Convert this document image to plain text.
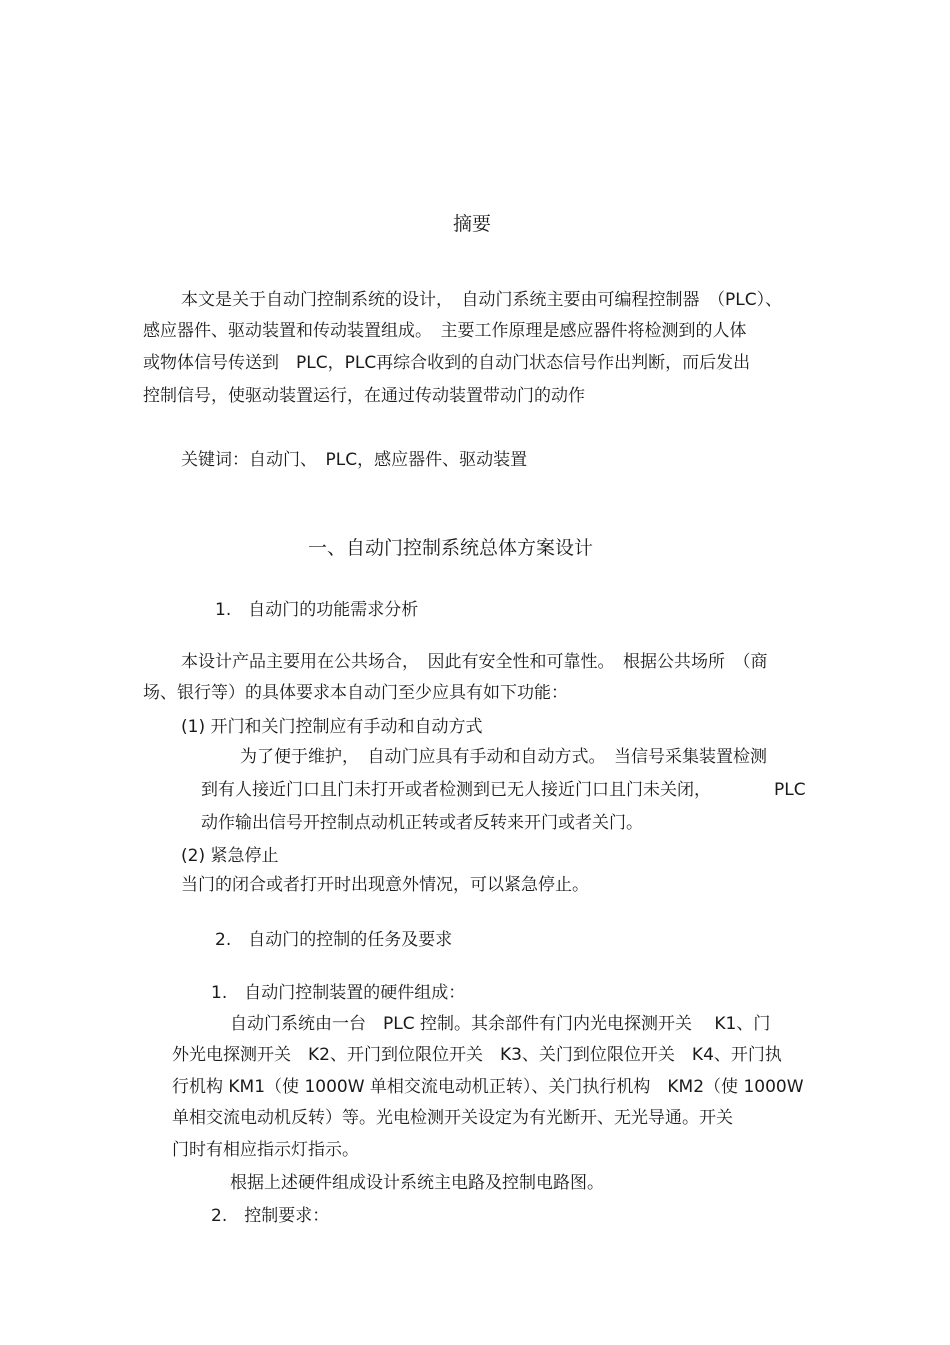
摘要
本文是关于自动门控制系统的设计，　自动门系统主要由可编程控制器　（PLC）、
感应器件、驱动装置和传动装置组成。　主要工作原理是感应器件将检测到的人体
或物体信号传送到　PLC，PLC再综合收到的自动门状态信号作出判断，而后发出
控制信号，使驱动装置运行，在通过传动装置带动门的动作
关键词：自动门、　PLC，感应器件、驱动装置
一、自动门控制系统总体方案设计
1.　自动门的功能需求分析
本设计产品主要用在公共场合，　因此有安全性和可靠性。　根据公共场所　（商
场、银行等）的具体要求本自动门至少应具有如下功能：
(1) 开门和关门控制应有手动和自动方式
为了便于维护，　自动门应具有手动和自动方式。　当信号采集装置检测
到有人接近门口且门未打开或者检测到已无人接近门口且门未关闭，	PLC
动作输出信号开控制点动机正转或者反转来开门或者关门。
(2) 紧急停止
当门的闭合或者打开时出现意外情况，可以紧急停止。
2.　自动门的控制的任务及要求
1.　自动门控制装置的硬件组成：
自动门系统由一台　PLC 控制。其余部件有门内光电探测开关　 K1、门
外光电探测开关　K2、开门到位限位开关　K3、关门到位限位开关　K4、开门执
行机构 KM1（使 1000W 单相交流电动机正转）、关门执行机构　KM2（使 1000W
单相交流电动机反转）等。光电检测开关设定为有光断开、无光导通。开关
门时有相应指示灯指示。
根据上述硬件组成设计系统主电路及控制电路图。
2.　控制要求：
